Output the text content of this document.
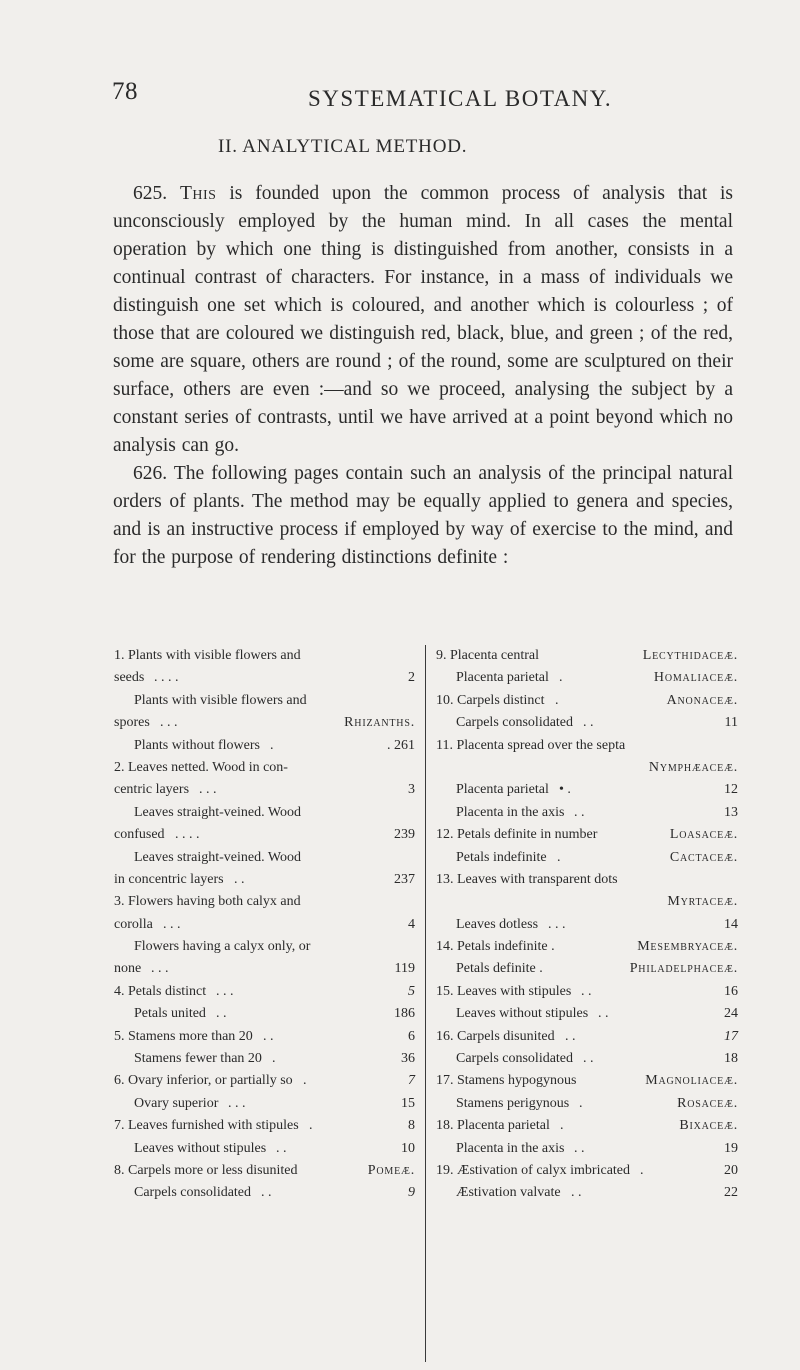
78	SYSTEMATICAL BOTANY.
II. ANALYTICAL METHOD.

625. This is founded upon the common process of analysis that is unconsciously employed by the human mind. In all cases the mental operation by which one thing is distinguished from another, consists in a continual contrast of characters. For instance, in a mass of individuals we distinguish one set which is coloured, and another which is colourless ; of those that are coloured we distinguish red, black, blue, and green ; of the red, some are square, others are round ; of the round, some are sculptured on their surface, others are even :—and so we proceed, analysing the subject by a constant series of contrasts, until we have arrived at a point beyond which no analysis can go.

626. The following pages contain such an analysis of the principal natural orders of plants. The method may be equally applied to genera and species, and is an instructive process if employed by way of exercise to the mind, and for the purpose of rendering distinctions definite :

1. Plants with visible flowers and
seeds . . . .	2
Plants with visible flowers and
spores . . .	Rhizanths.
Plants without flowers .	. 261
2. Leaves netted. Wood in con-
centric layers . . .	3
Leaves straight-veined. Wood
confused . . . .	239
Leaves straight-veined. Wood
in concentric layers . .	237
3. Flowers having both calyx and
corolla . . .	4
Flowers having a calyx only, or
none . . .	119
4. Petals distinct . . .	5
Petals united . .	186
5. Stamens more than 20 . .	6
Stamens fewer than 20 .	36
6. Ovary inferior, or partially so .	7
Ovary superior . . .	15
7. Leaves furnished with stipules .	8
Leaves without stipules . .	10
8. Carpels more or less disunited	Pomeæ.
Carpels consolidated . .	9
9. Placenta central	Lecythidaceæ.
Placenta parietal .	Homaliaceæ.
10. Carpels distinct .	Anonaceæ.
Carpels consolidated . .	11
11. Placenta spread over the septa
Nymphæaceæ.
Placenta parietal • .	12
Placenta in the axis . .	13
12. Petals definite in number	Loasaceæ.
Petals indefinite .	Cactaceæ.
13. Leaves with transparent dots
Myrtaceæ.
Leaves dotless . . .	14
14. Petals indefinite .	Mesembryaceæ.
Petals definite .	Philadelphaceæ.
15. Leaves with stipules . .	16
Leaves without stipules . .	24
16. Carpels disunited . .	17
Carpels consolidated . .	18
17. Stamens hypogynous	Magnoliaceæ.
Stamens perigynous .	Rosaceæ.
18. Placenta parietal .	Bixaceæ.
Placenta in the axis . .	19
19. Æstivation of calyx imbricated .	20
Æstivation valvate . .	22
